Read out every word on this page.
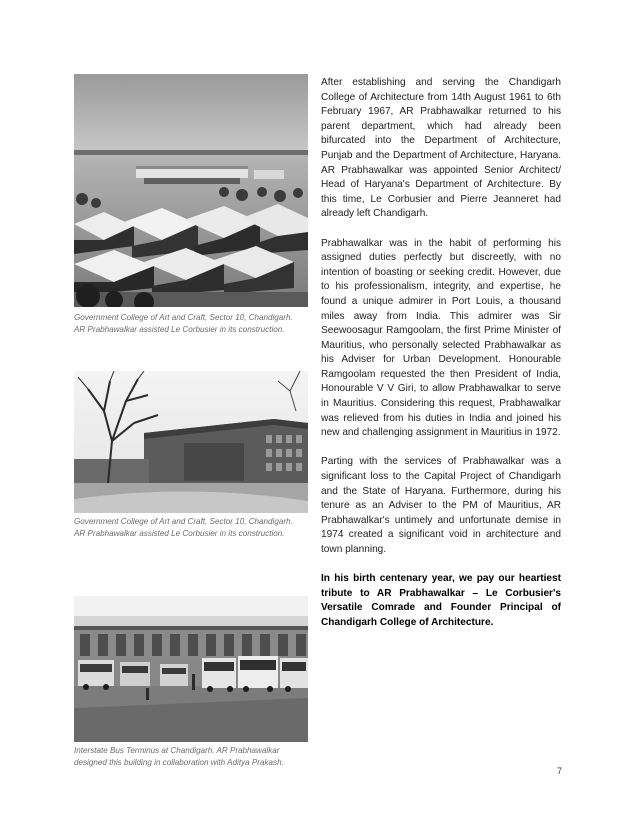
Government College of Art and Craft, Sector 10, Chandigarh.
AR Prabhawalkar assisted Le Corbusier in its construction.
Government College of Art and Craft, Sector 10, Chandigarh.
AR Prabhawalkar assisted Le Corbusier in its construction.
Interstate Bus Terminus at Chandigarh. AR Prabhawalkar
designed this building in collaboration with Aditya Prakash.

After establishing and serving the Chandigarh College of Architecture from 14th August 1961 to 6th February 1967, AR Prabhawalkar returned to his parent department, which had already been bifurcated into the Department of Architecture, Punjab and the Department of Architecture, Haryana. AR Prabhawalkar was appointed Senior Architect/ Head of Haryana's Department of Architecture. By this time, Le Corbusier and Pierre Jeanneret had already left Chandigarh.

Prabhawalkar was in the habit of performing his assigned duties perfectly but discreetly, with no intention of boasting or seeking credit. However, due to his professionalism, integrity, and expertise, he found a unique admirer in Port Louis, a thousand miles away from India. This admirer was Sir Seewoosagur Ramgoolam, the first Prime Minister of Mauritius, who personally selected Prabhawalkar as his Adviser for Urban Development. Honourable Ramgoolam requested the then President of India, Honourable V V Giri, to allow Prabhawalkar to serve in Mauritius. Considering this request, Prabhawalkar was relieved from his duties in India and joined his new and challenging assignment in Mauritius in 1972.

Parting with the services of Prabhawalkar was a significant loss to the Capital Project of Chandigarh and the State of Haryana. Furthermore, during his tenure as an Adviser to the PM of Mauritius, AR Prabhawalkar's untimely and unfortunate demise in 1974 created a significant void in architecture and town planning.

In his birth centenary year, we pay our heartiest tribute to AR Prabhawalkar – Le Corbusier's Versatile Comrade and Founder Principal of Chandigarh College of Architecture.

7
